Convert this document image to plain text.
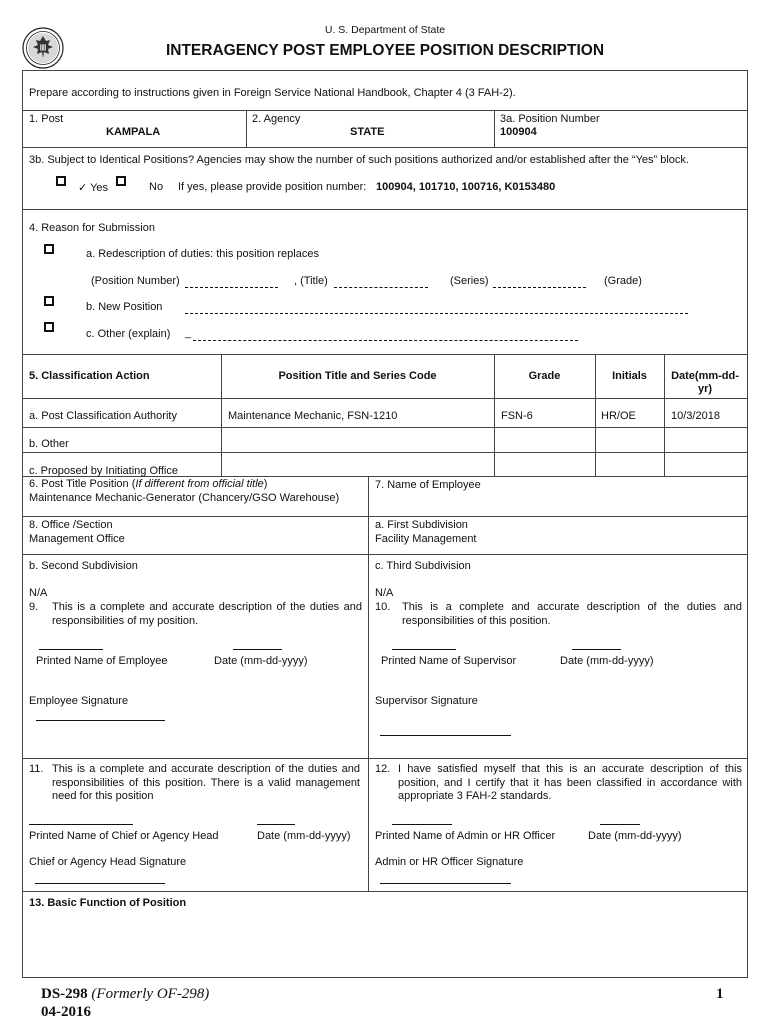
U. S. Department of State
INTERAGENCY POST EMPLOYEE POSITION DESCRIPTION
Prepare according to instructions given in Foreign Service National Handbook, Chapter 4 (3 FAH-2).
1. Post
KAMPALA
2. Agency
STATE
3a. Position Number
100904
3b. Subject to Identical Positions? Agencies may show the number of such positions authorized and/or established after the “Yes” block.
✓ Yes	No If yes, please provide position number: 100904, 101710, 100716, K0153480
4. Reason for Submission
a. Redescription of duties: this position replaces
(Position Number)	, (Title)	(Series)	(Grade)
b. New Position
c. Other (explain) _
5. Classification Action	Position Title and Series Code	Grade	Initials	Date(mm-dd-
yr)
a. Post Classification Authority	Maintenance Mechanic, FSN-1210	FSN-6	HR/OE	10/3/2018
b. Other
c. Proposed by Initiating Office
6. Post Title Position (If different from official title)
Maintenance Mechanic-Generator (Chancery/GSO Warehouse)
7. Name of Employee
8. Office /Section
Management Office
a. First Subdivision
Facility Management
b. Second Subdivision
N/A
c. Third Subdivision
N/A
9. This is a complete and accurate description of the duties and responsibilities of my position.
Printed Name of Employee	Date (mm-dd-yyyy)
Employee Signature
10. This is a complete and accurate description of the duties and responsibilities of this position.
Printed Name of Supervisor	Date (mm-dd-yyyy)
Supervisor Signature
11. This is a complete and accurate description of the duties and responsibilities of this position. There is a valid management need for this position
Printed Name of Chief or Agency Head	Date (mm-dd-yyyy)
Chief or Agency Head Signature
12. I have satisfied myself that this is an accurate description of this position, and I certify that it has been classified in accordance with appropriate 3 FAH-2 standards.
Printed Name of Admin or HR Officer	Date (mm-dd-yyyy)
Admin or HR Officer Signature
13. Basic Function of Position
DS-298 (Formerly OF-298)
04-2016
1
